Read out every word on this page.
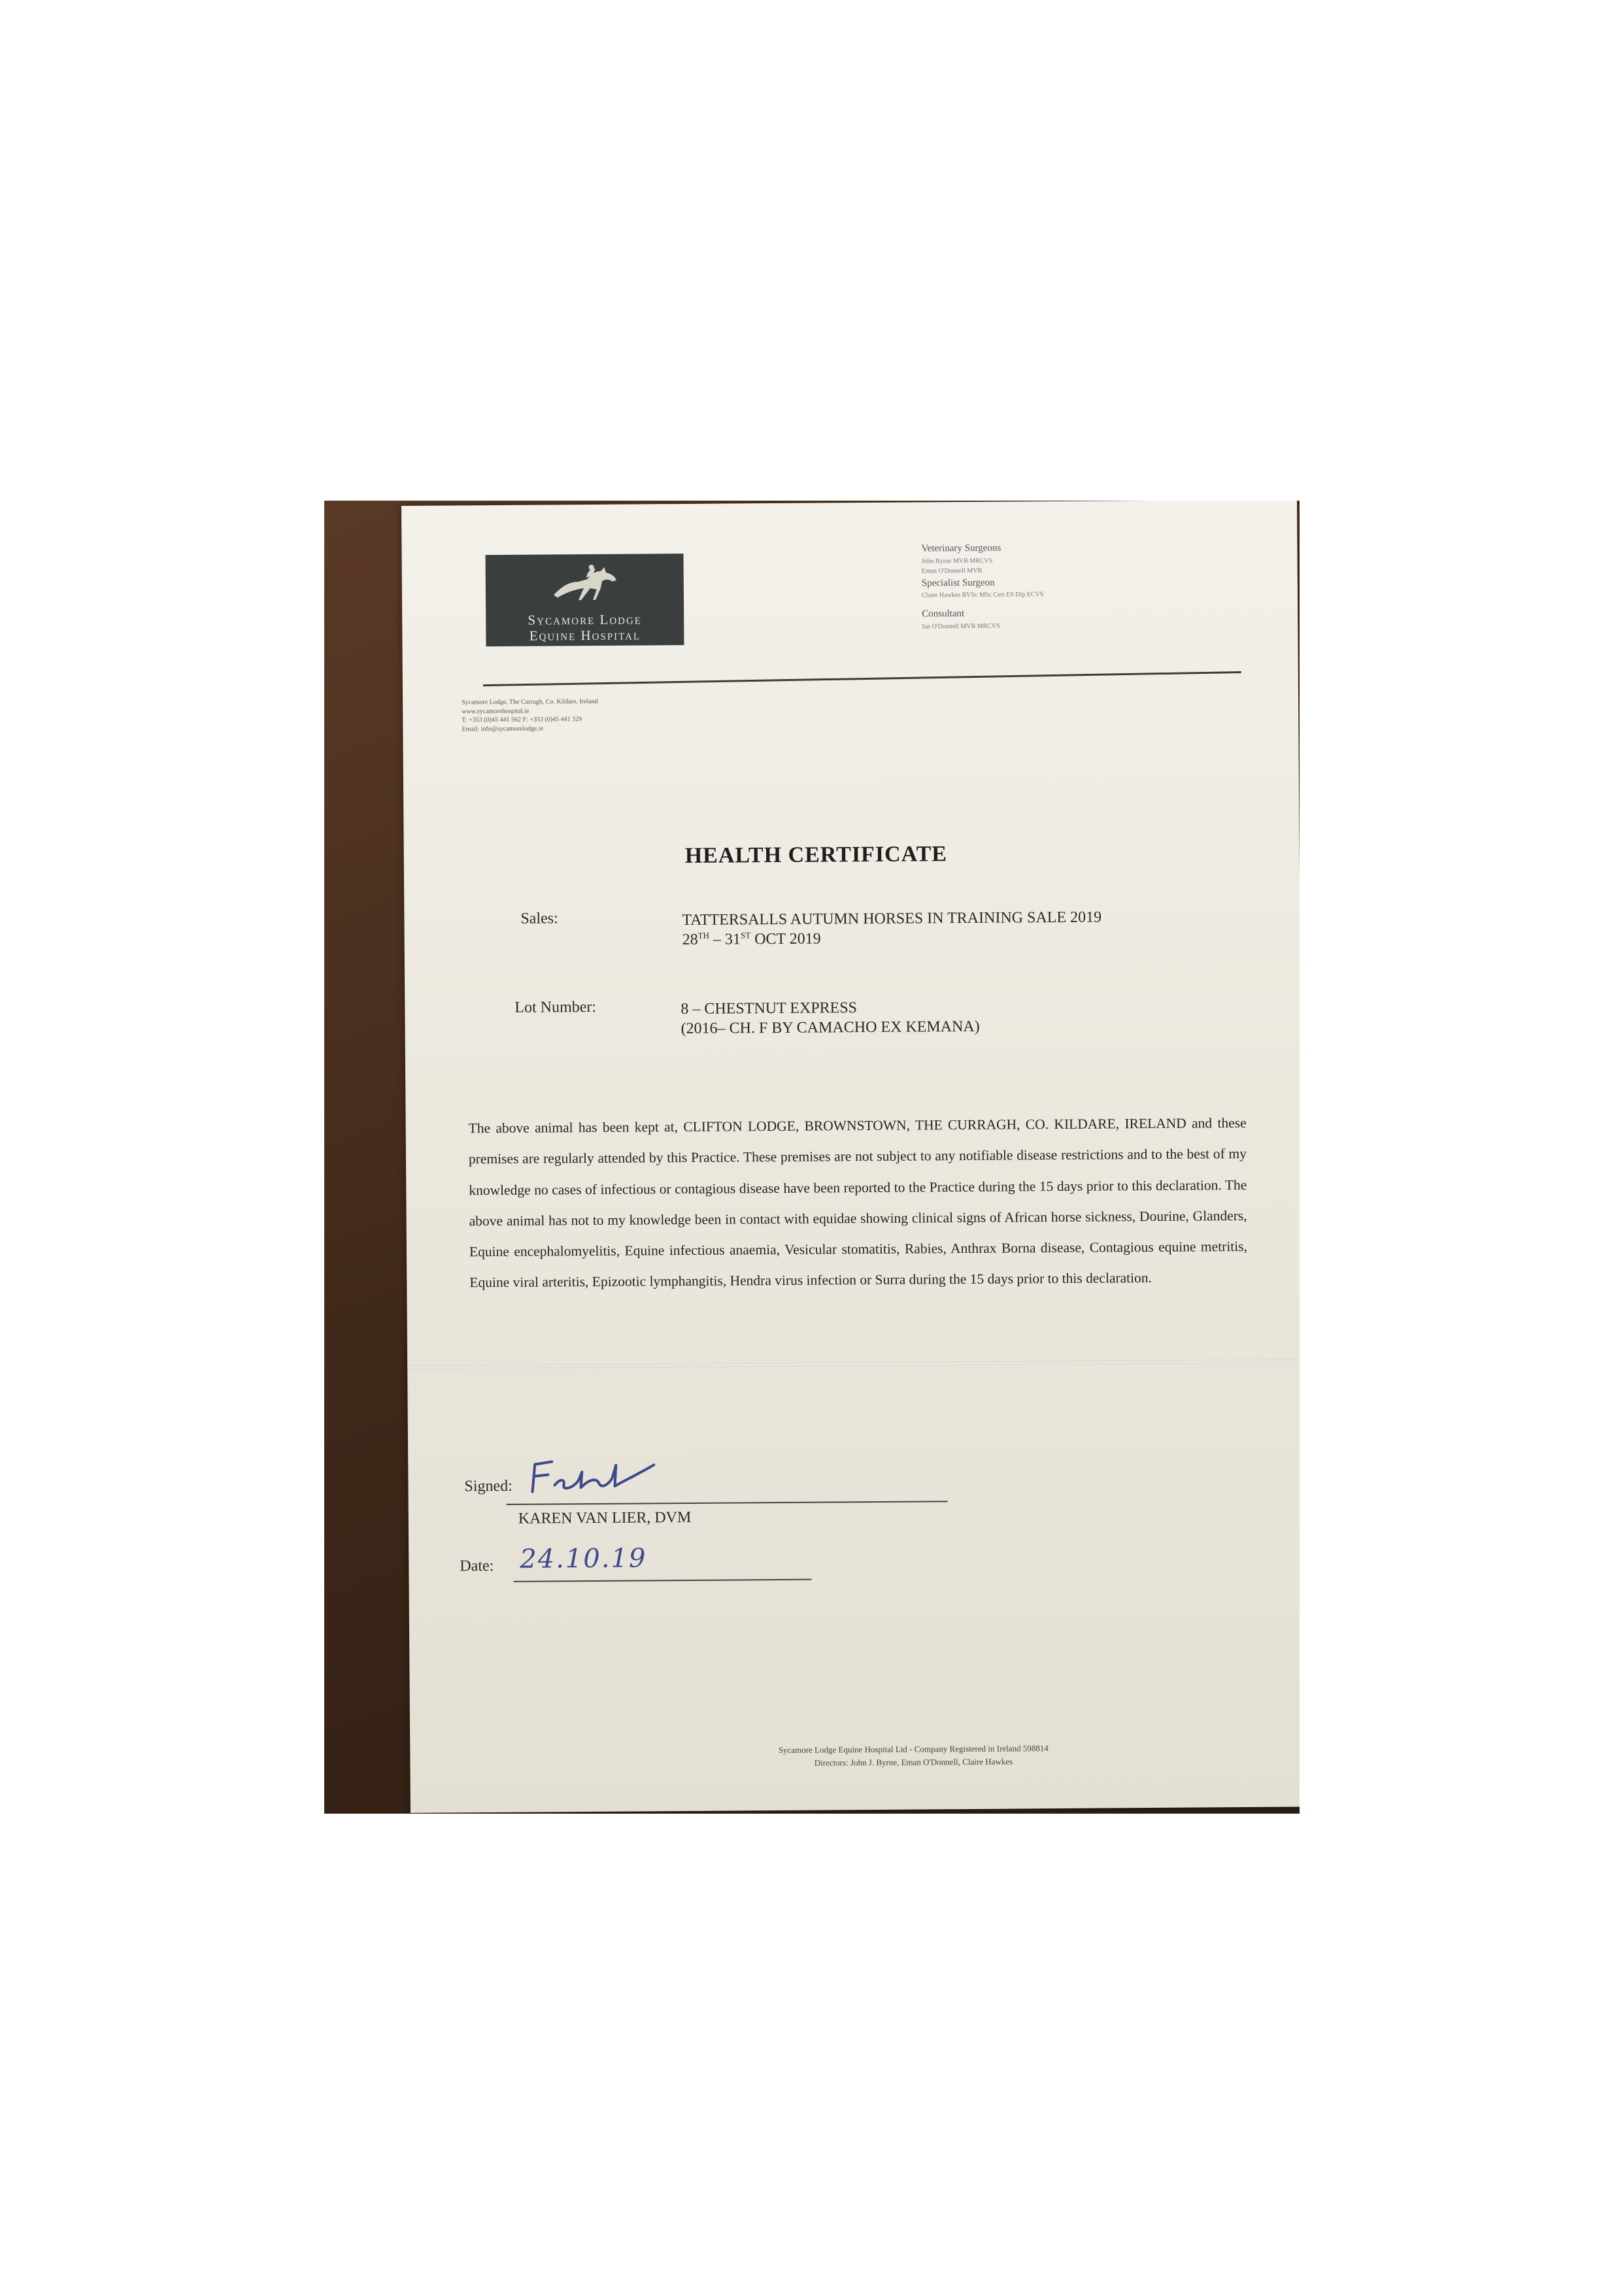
Sycamore Lodge
Equine Hospital
Veterinary Surgeons
John Byrne MVB MRCVS
Eman O'Donnell MVB
Specialist Surgeon
Claire Hawkes BVSc MSc Cert ES Dip ECVS
Consultant
Ian O'Donnell MVB MRCVS
Sycamore Lodge, The Curragh, Co. Kildare, Ireland
www.sycamorehospital.ie
T: +353 (0)45 441 562 F: +353 (0)45 441 329
Email: info@sycamorelodge.ie
HEALTH CERTIFICATE
Sales:	TATTERSALLS AUTUMN HORSES IN TRAINING SALE 2019
28TH – 31ST OCT 2019
Lot Number:	8 – CHESTNUT EXPRESS
(2016– CH. F BY CAMACHO EX KEMANA)
The above animal has been kept at, CLIFTON LODGE, BROWNSTOWN, THE CURRAGH, CO. KILDARE, IRELAND and these premises are regularly attended by this Practice. These premises are not subject to any notifiable disease restrictions and to the best of my knowledge no cases of infectious or contagious disease have been reported to the Practice during the 15 days prior to this declaration. The above animal has not to my knowledge been in contact with equidae showing clinical signs of African horse sickness, Dourine, Glanders, Equine encephalomyelitis, Equine infectious anaemia, Vesicular stomatitis, Rabies, Anthrax Borna disease, Contagious equine metritis, Equine viral arteritis, Epizootic lymphangitis, Hendra virus infection or Surra during the 15 days prior to this declaration.
Signed:
KAREN VAN LIER, DVM
Date: 24.10.19
Sycamore Lodge Equine Hospital Ltd - Company Registered in Ireland 598814
Directors: John J. Byrne, Eman O'Donnell, Claire Hawkes
